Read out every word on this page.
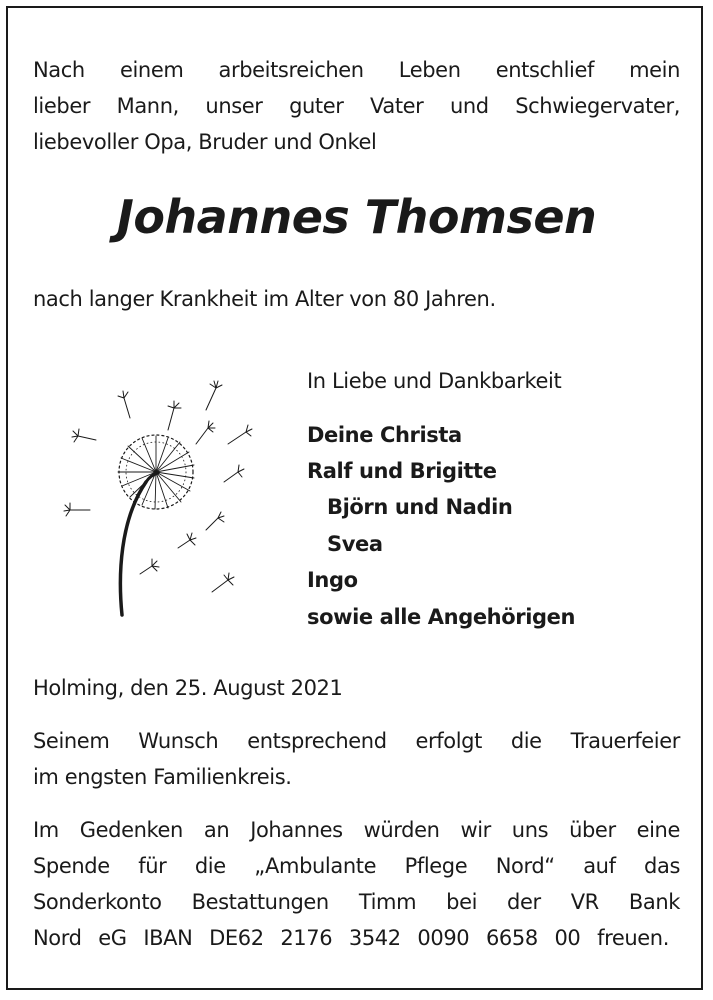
Nach einem arbeitsreichen Leben entschlief mein
lieber Mann, unser guter Vater und Schwiegervater,
liebevoller Opa, Bruder und Onkel
Johannes Thomsen
nach langer Krankheit im Alter von 80 Jahren.
In Liebe und Dankbarkeit
Deine Christa
Ralf und Brigitte
Björn und Nadin
Svea
Ingo
sowie alle Angehörigen
Holming, den 25. August 2021
Seinem Wunsch entsprechend erfolgt die Trauerfeier
im engsten Familienkreis.
Im Gedenken an Johannes würden wir uns über eine
Spende für die „Ambulante Pflege Nord“ auf das
Sonderkonto Bestattungen Timm bei der VR Bank
Nord eG IBAN DE62 2176 3542 0090 6658 00 freuen.
